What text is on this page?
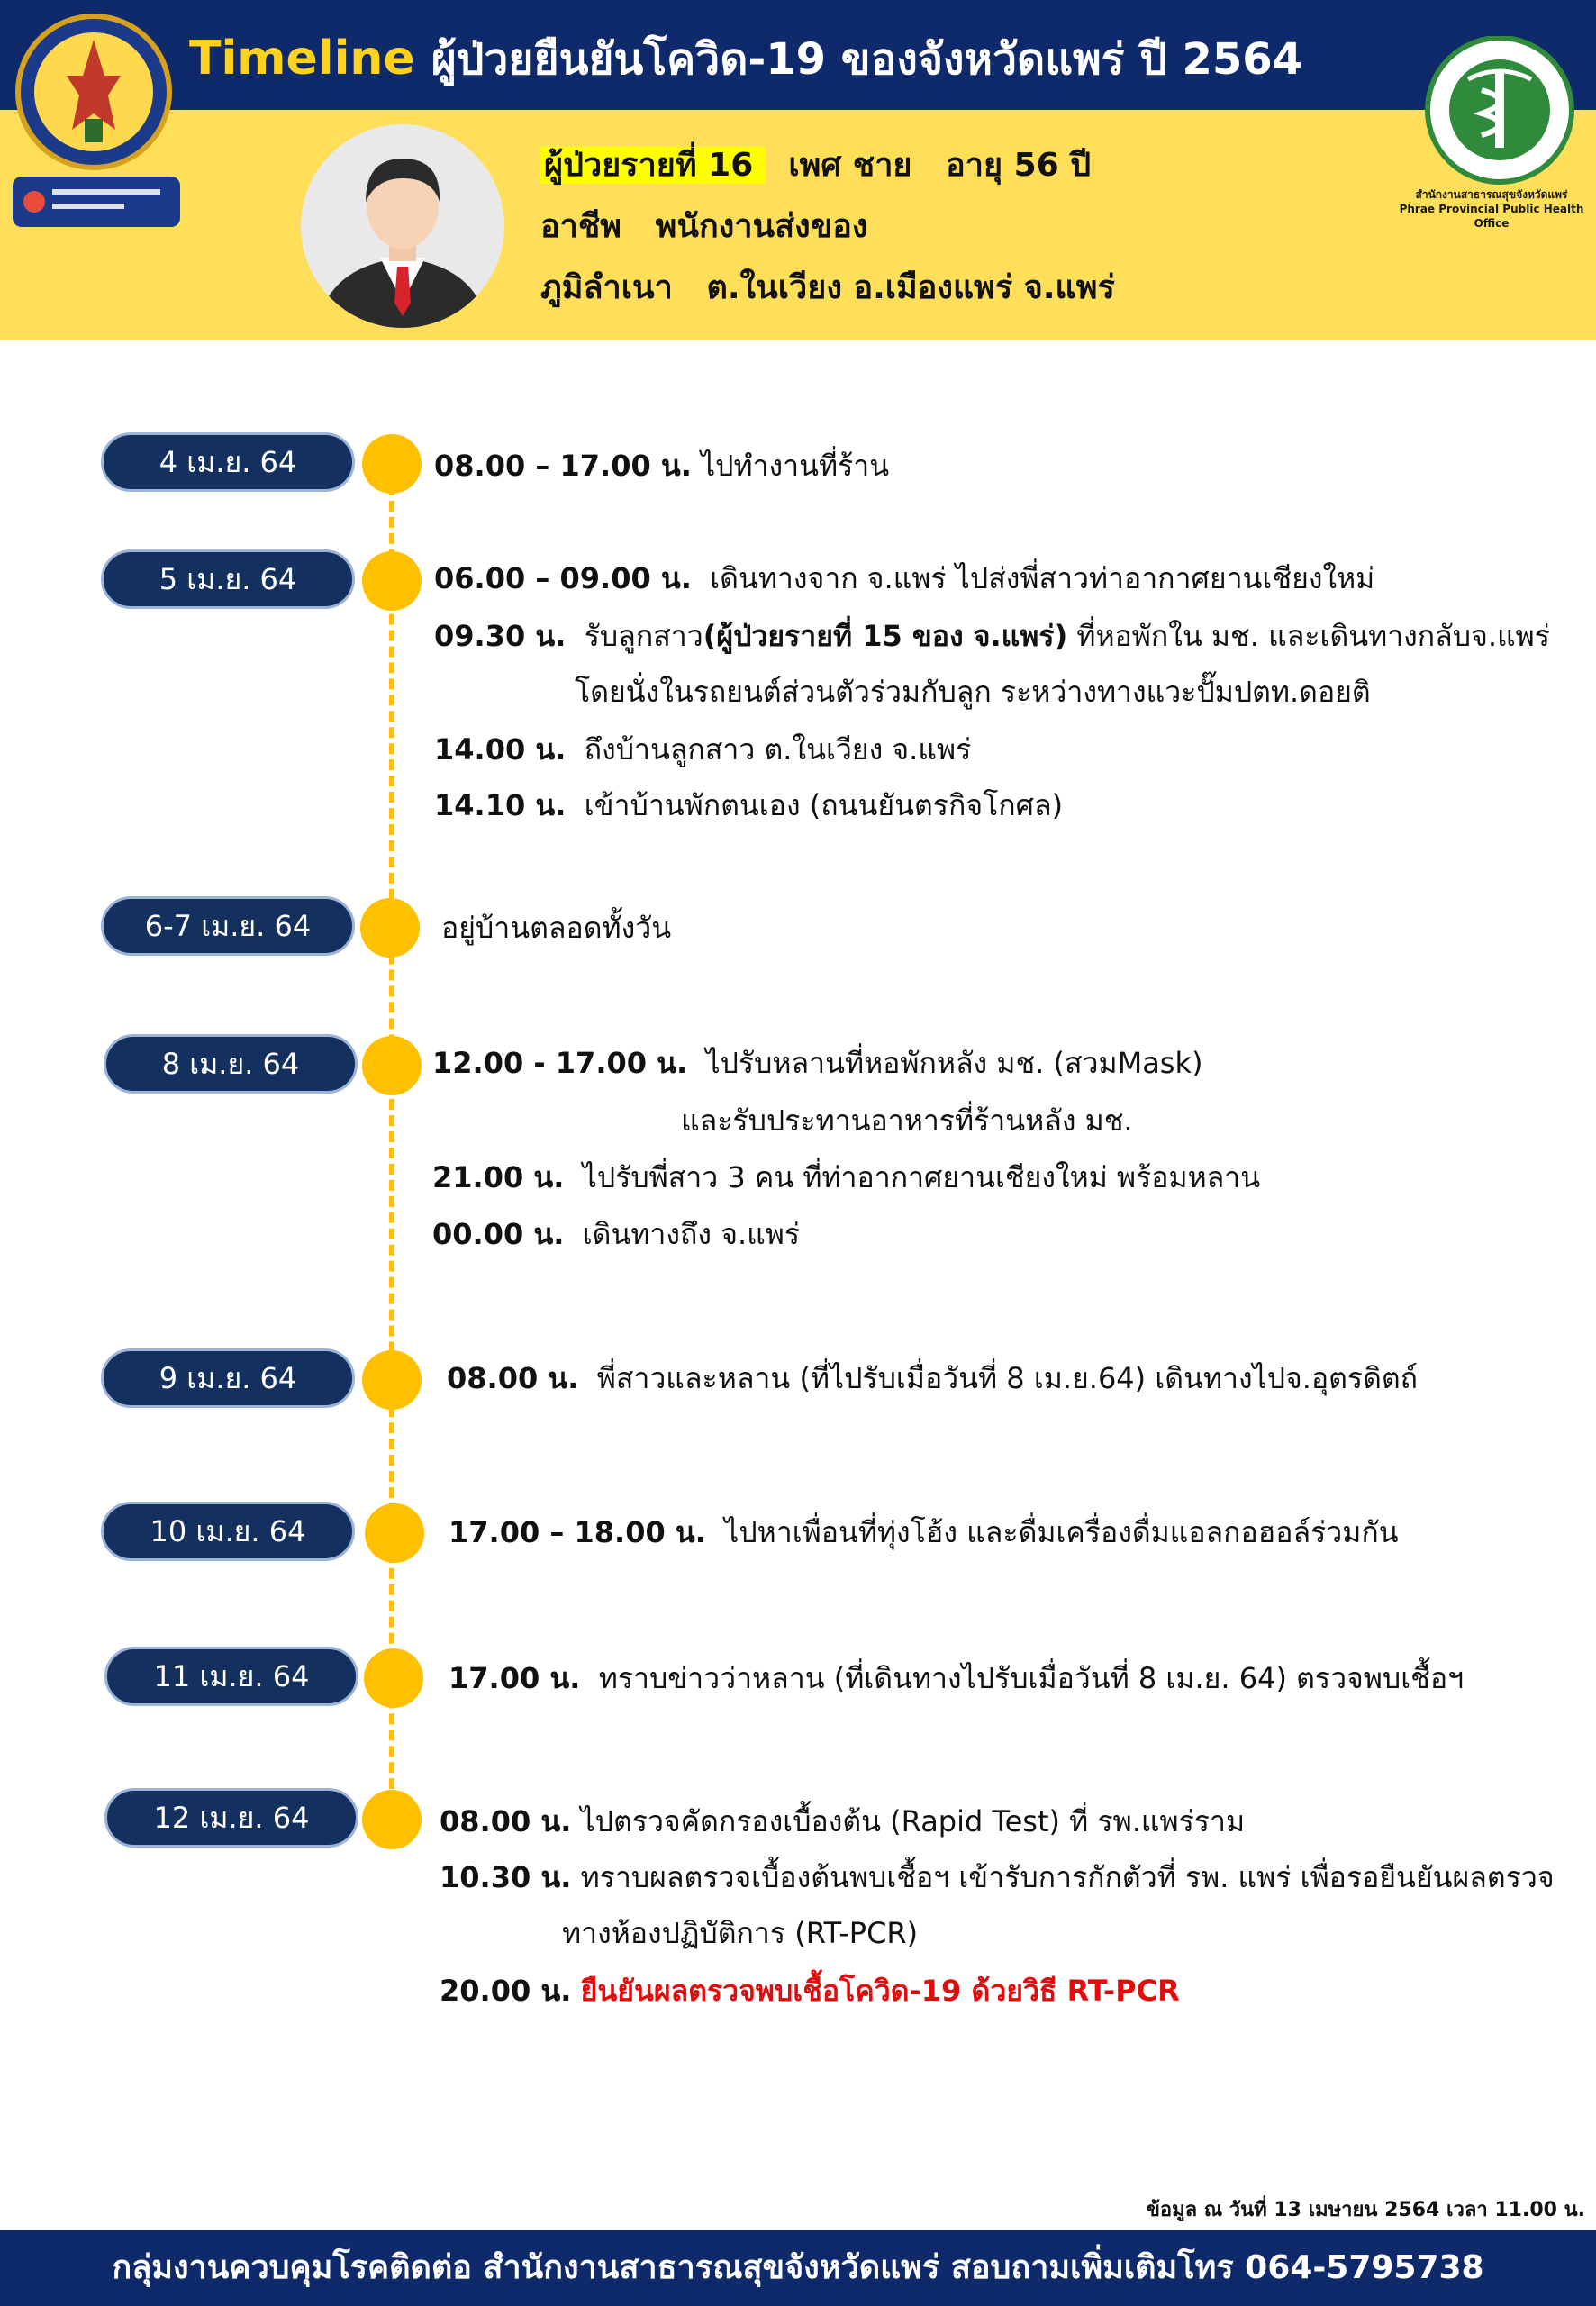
Timeline ผู้ป่วยยืนยันโควิด-19 ของจังหวัดแพร่ ปี 2564
สำนักงานสาธารณสุขจังหวัดแพร่
Phrae Provincial Public Health Office
ผู้ป่วยรายที่ 16 เพศ ชาย อายุ 56 ปี
อาชีพ พนักงานส่งของ
ภูมิลำเนา ต.ในเวียง อ.เมืองแพร่ จ.แพร่
4 เม.ย. 64	08.00 – 17.00 น. ไปทำงานที่ร้าน
5 เม.ย. 64	06.00 – 09.00 น. เดินทางจาก จ.แพร่ ไปส่งพี่สาวท่าอากาศยานเชียงใหม่
09.30 น. รับลูกสาว(ผู้ป่วยรายที่ 15 ของ จ.แพร่) ที่หอพักใน มช. และเดินทางกลับจ.แพร่
โดยนั่งในรถยนต์ส่วนตัวร่วมกับลูก ระหว่างทางแวะปั๊มปตท.ดอยติ
14.00 น. ถึงบ้านลูกสาว ต.ในเวียง จ.แพร่
14.10 น. เข้าบ้านพักตนเอง (ถนนยันตรกิจโกศล)
6-7 เม.ย. 64	อยู่บ้านตลอดทั้งวัน
8 เม.ย. 64	12.00 - 17.00 น. ไปรับหลานที่หอพักหลัง มช. (สวมMask)
และรับประทานอาหารที่ร้านหลัง มช.
21.00 น. ไปรับพี่สาว 3 คน ที่ท่าอากาศยานเชียงใหม่ พร้อมหลาน
00.00 น. เดินทางถึง จ.แพร่
9 เม.ย. 64	08.00 น. พี่สาวและหลาน (ที่ไปรับเมื่อวันที่ 8 เม.ย.64) เดินทางไปจ.อุตรดิตถ์
10 เม.ย. 64	17.00 – 18.00 น. ไปหาเพื่อนที่ทุ่งโฮ้ง และดื่มเครื่องดื่มแอลกอฮอล์ร่วมกัน
11 เม.ย. 64	17.00 น. ทราบข่าวว่าหลาน (ที่เดินทางไปรับเมื่อวันที่ 8 เม.ย. 64) ตรวจพบเชื้อฯ
12 เม.ย. 64	08.00 น. ไปตรวจคัดกรองเบื้องต้น (Rapid Test) ที่ รพ.แพร่ราม
10.30 น. ทราบผลตรวจเบื้องต้นพบเชื้อฯ เข้ารับการกักตัวที่ รพ. แพร่ เพื่อรอยืนยันผลตรวจ
ทางห้องปฏิบัติการ (RT-PCR)
20.00 น. ยืนยันผลตรวจพบเชื้อโควิด-19 ด้วยวิธี RT-PCR
ข้อมูล ณ วันที่ 13 เมษายน 2564 เวลา 11.00 น.
กลุ่มงานควบคุมโรคติดต่อ สำนักงานสาธารณสุขจังหวัดแพร่ สอบถามเพิ่มเติมโทร 064-5795738
